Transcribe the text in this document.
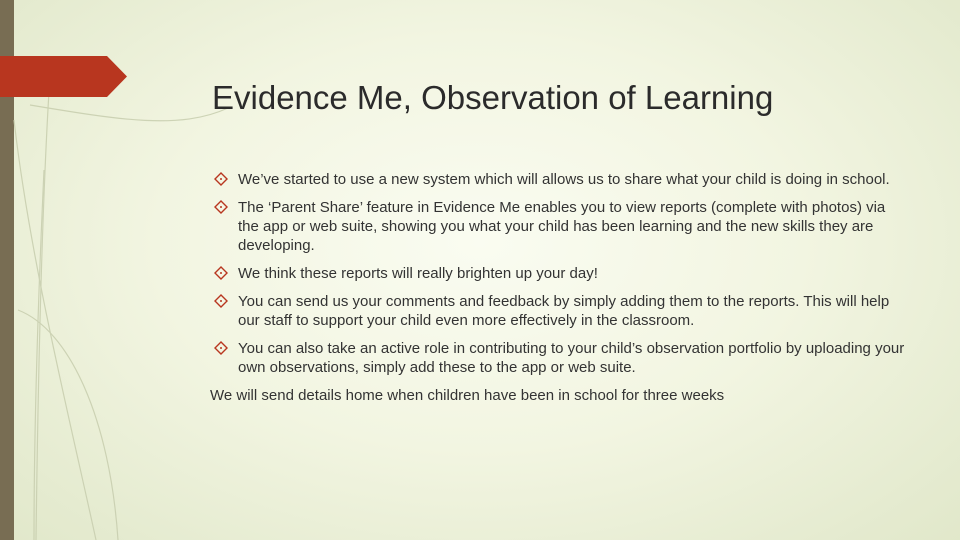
Evidence Me, Observation of Learning
We’ve started to use a new system which will allows us to share what your child is doing in school.
The ‘Parent Share’ feature in Evidence Me enables you to view reports (complete with photos) via the app or web suite, showing you what your child has been learning and the new skills they are developing.
We think these reports will really brighten up your day!
You can send us your comments and feedback by simply adding them to the reports. This will help our staff to support your child even more effectively in the classroom.
You can also take an active role in contributing to your child’s observation portfolio by uploading your own observations, simply add these to the app or web suite.

We will send details home when children have been in school for three weeks
